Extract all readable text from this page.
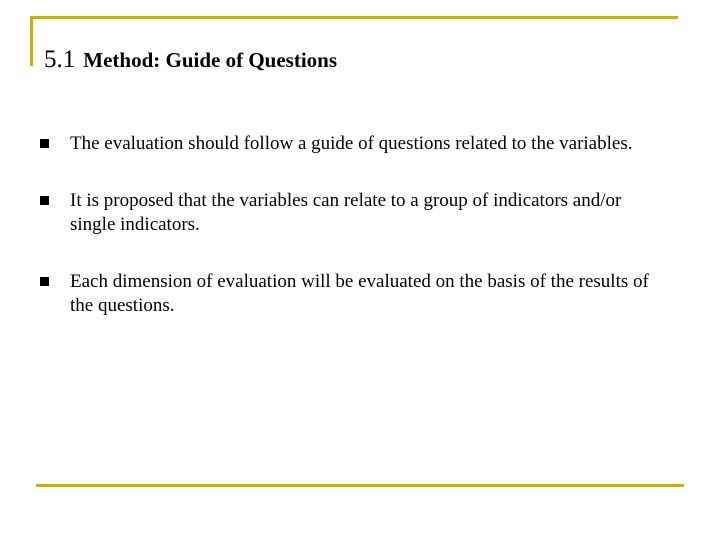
5.1 Method: Guide of Questions
The evaluation should follow a guide of questions related to the variables.
It is proposed that the variables can relate to a group of indicators and/or single indicators.
Each dimension of evaluation will be evaluated on the basis of the results of the questions.
